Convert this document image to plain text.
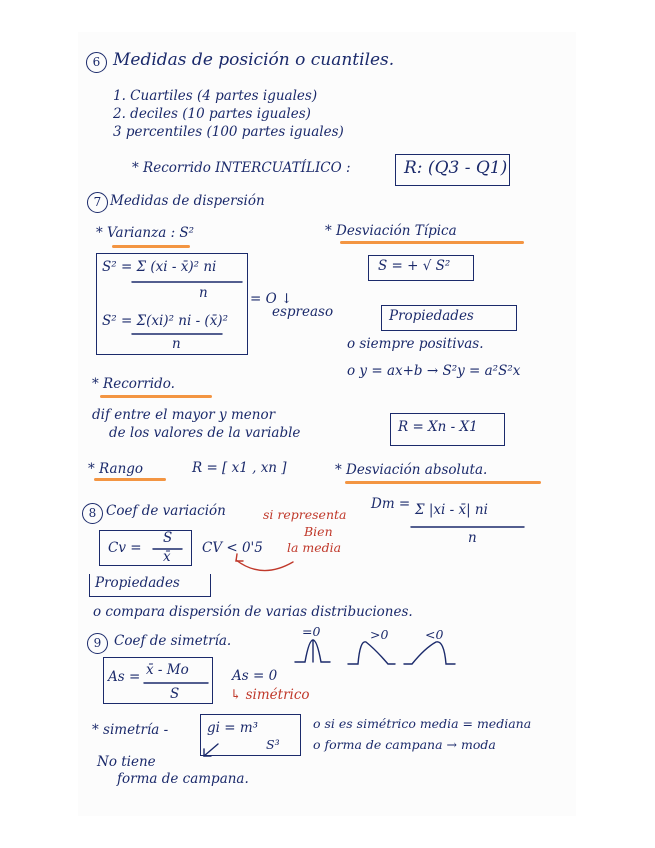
6 Medidas de posición o cuantiles.
1. Cuartiles (4 partes iguales)
2. deciles (10 partes iguales)
3 percentiles (100 partes iguales)
* Recorrido INTERCUATÍLICO :	R: (Q3 - Q1)
7 Medidas de dispersión
* Varianza : S²	* Desviación Típica
S = + √ S²
S² = Σ (xi - x̄)² ni
n
S² = Σ(xi)² ni - (x̄)²
n
= O ↓
espreaso	Propiedades
o siempre positivas.
o y = ax+b → S²y = a²S²x
* Recorrido.
dif entre el mayor y menor
de los valores de la variable	R = Xn - X1
* Rango	R = [ x1 , xn ]	* Desviación absoluta.
Dm = Σ |xi - x̄| ni
n
8 Coef de variación	si representa
Bien
la media
Cv =
S
x̄
CV < 0'5
Propiedades
o compara dispersión de varias distribuciones.
9 Coef de simetría.
=0	>0	<0
As = x̄ - Mo
S
As = 0
↳ simétrico
* simetría -	gi = m³
S³
No tiene
forma de campana.
o si es simétrico media = mediana
o forma de campana → moda
